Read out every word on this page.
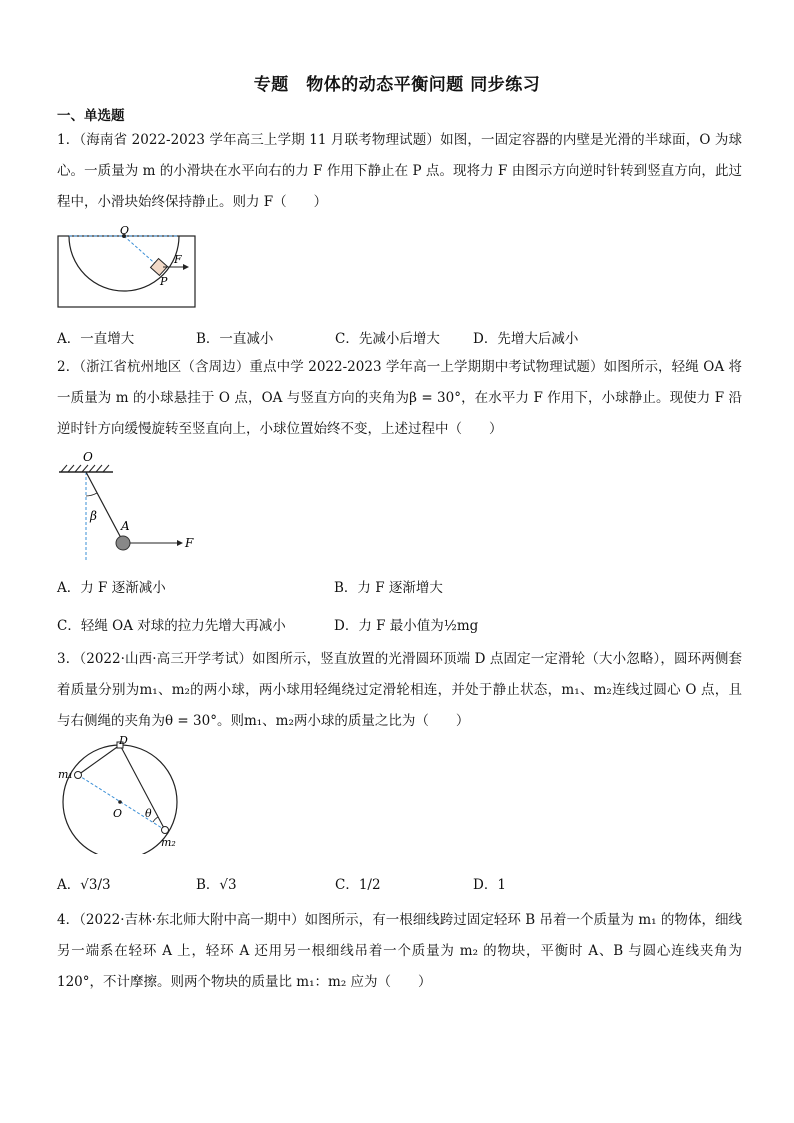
专题　物体的动态平衡问题 同步练习
一、单选题
1．（海南省 2022-2023 学年高三上学期 11 月联考物理试题）如图，一固定容器的内壁是光滑的半球面，O 为球心。一质量为 m 的小滑块在水平向右的力 F 作用下静止在 P 点。现将力 F 由图示方向逆时针转到竖直方向，此过程中，小滑块始终保持静止。则力 F（　　）
O
F
P
A．一直增大	B．一直减小	C．先减小后增大 D．先增大后减小
2．（浙江省杭州地区（含周边）重点中学 2022-2023 学年高一上学期期中考试物理试题）如图所示，轻绳 OA 将一质量为 m 的小球悬挂于 O 点，OA 与竖直方向的夹角为β = 30°，在水平力 F 作用下，小球静止。现使力 F 沿逆时针方向缓慢旋转至竖直向上，小球位置始终不变，上述过程中（　　）
O
β
A
F
A．力 F 逐渐减小	B．力 F 逐渐增大
C．轻绳 OA 对球的拉力先增大再减小	D．力 F 最小值为½mg
3．（2022·山西·高三开学考试）如图所示，竖直放置的光滑圆环顶端 D 点固定一定滑轮（大小忽略），圆环两侧套着质量分别为m₁、m₂的两小球，两小球用轻绳绕过定滑轮相连，并处于静止状态，m₁、m₂连线过圆心 O 点，且与右侧绳的夹角为θ = 30°。则m₁、m₂两小球的质量之比为（　　）
D
m₁
O θ
m₂
A．√3/3	B．√3	C．1/2	D．1
4．（2022·吉林·东北师大附中高一期中）如图所示，有一根细线跨过固定轻环 B 吊着一个质量为 m₁ 的物体，细线另一端系在轻环 A 上，轻环 A 还用另一根细线吊着一个质量为 m₂ 的物块，平衡时 A、B 与圆心连线夹角为 120°，不计摩擦。则两个物块的质量比 m₁：m₂ 应为（　　）
